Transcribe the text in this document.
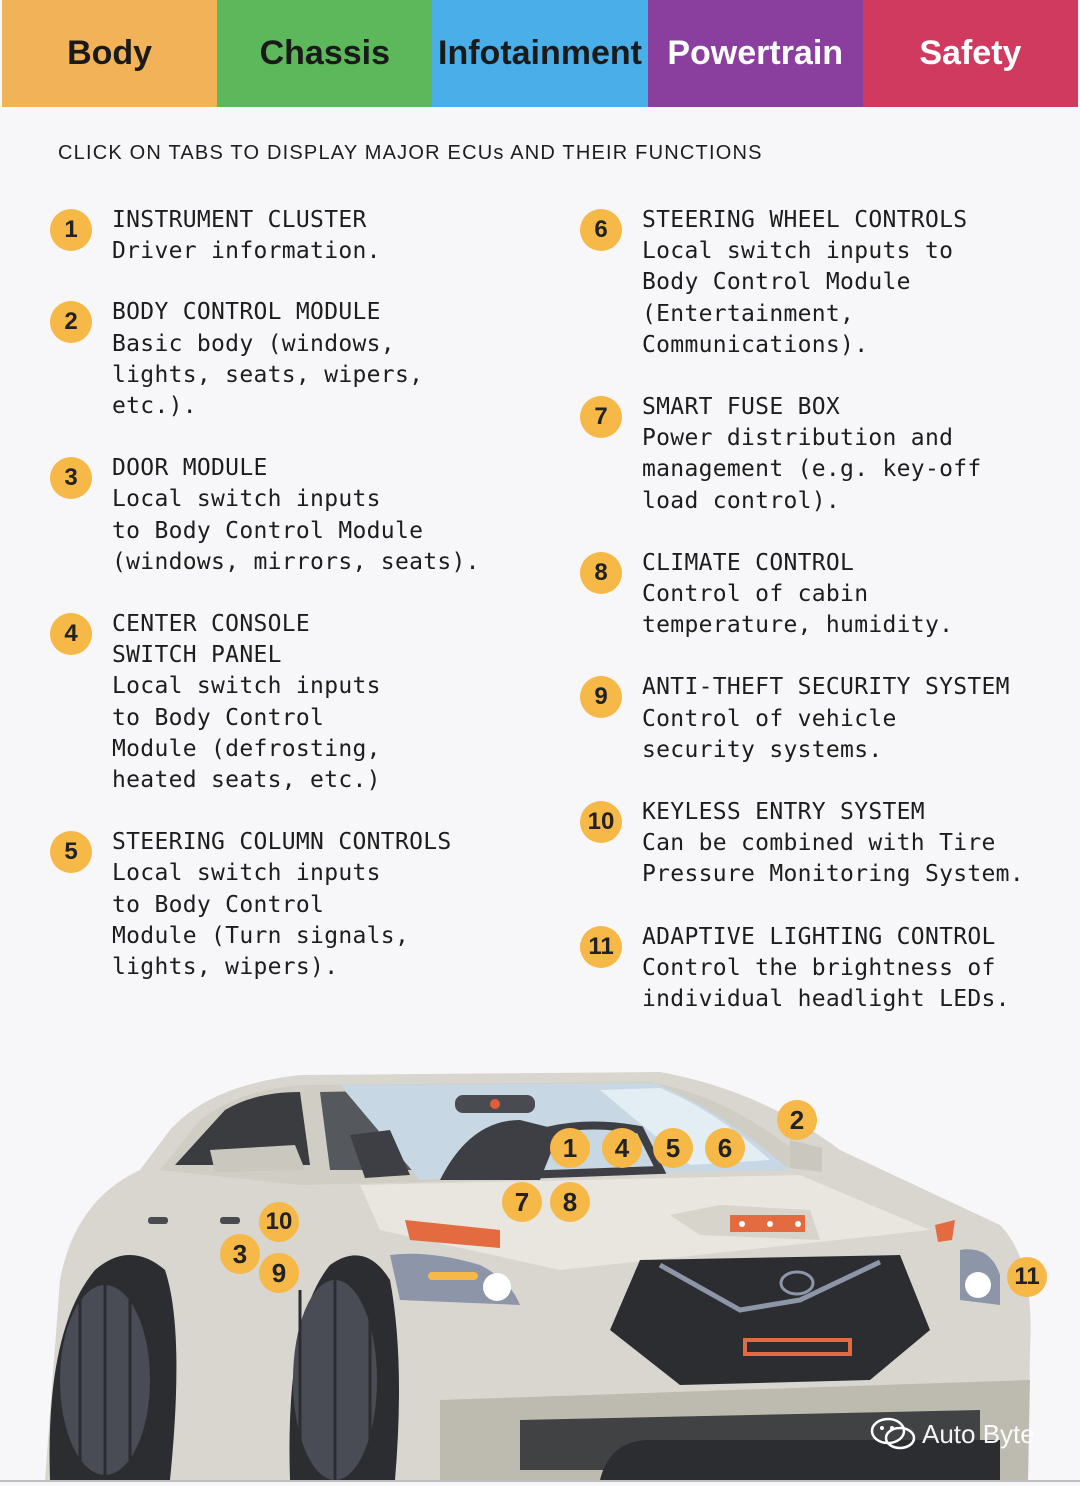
Body	Chassis Infotainment Powertrain Safety
CLICK ON TABS TO DISPLAY MAJOR ECUs AND THEIR FUNCTIONS
1	INSTRUMENT CLUSTER
Driver information.
2	BODY CONTROL MODULE
Basic body (windows,
lights, seats, wipers, etc.).
3	DOOR MODULE
Local switch inputs
to Body Control Module
(windows, mirrors, seats).
4	CENTER CONSOLE
SWITCH PANEL
Local switch inputs
to Body Control
Module (defrosting,
heated seats, etc.)
5	STEERING COLUMN CONTROLS
Local switch inputs
to Body Control
Module (Turn signals,
lights, wipers).
6	STEERING WHEEL CONTROLS
Local switch inputs to
Body Control Module
(Entertainment,
Communications).
7	SMART FUSE BOX
Power distribution and
management (e.g. key-off
load control).
8	CLIMATE CONTROL
Control of cabin
temperature, humidity.
9	ANTI-THEFT SECURITY SYSTEM
Control of vehicle
security systems.
10	KEYLESS ENTRY SYSTEM
Can be combined with Tire
Pressure Monitoring System.
11	ADAPTIVE LIGHTING CONTROL
Control the brightness of
individual headlight LEDs.
1	4	5	6
2
7	8
10
3
9	11
Auto Byte
